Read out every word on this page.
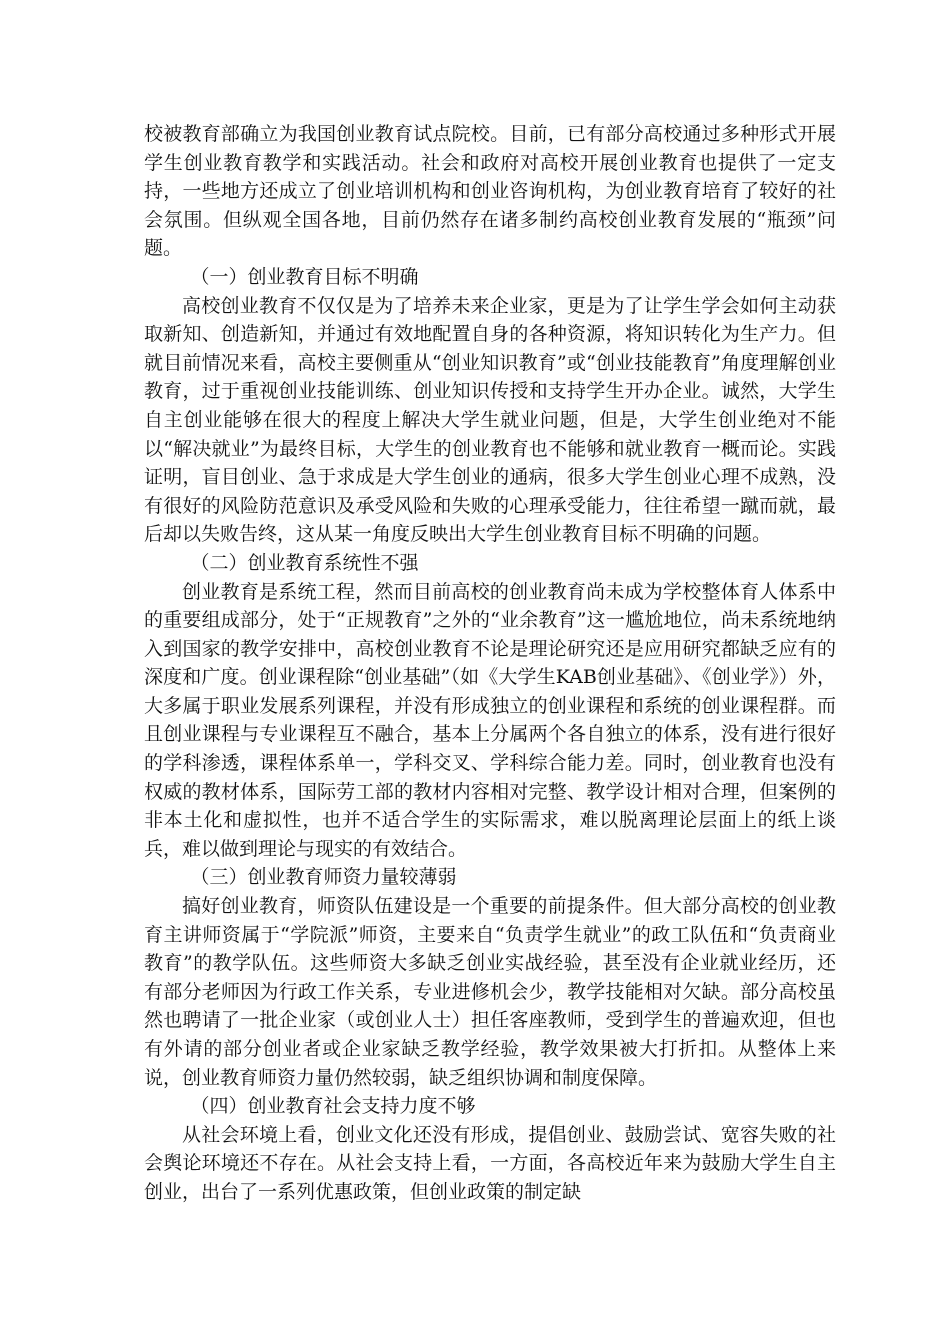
校被教育部确立为我国创业教育试点院校。目前，已有部分高校通过多种形式开展学生创业教育教学和实践活动。社会和政府对高校开展创业教育也提供了一定支持，一些地方还成立了创业培训机构和创业咨询机构，为创业教育培育了较好的社会氛围。但纵观全国各地，目前仍然存在诸多制约高校创业教育发展的“瓶颈”问题。

（一）创业教育目标不明确

高校创业教育不仅仅是为了培养未来企业家，更是为了让学生学会如何主动获取新知、创造新知，并通过有效地配置自身的各种资源，将知识转化为生产力。但就目前情况来看，高校主要侧重从“创业知识教育”或“创业技能教育”角度理解创业教育，过于重视创业技能训练、创业知识传授和支持学生开办企业。诚然，大学生自主创业能够在很大的程度上解决大学生就业问题，但是，大学生创业绝对不能以“解决就业”为最终目标，大学生的创业教育也不能够和就业教育一概而论。实践证明，盲目创业、急于求成是大学生创业的通病，很多大学生创业心理不成熟，没有很好的风险防范意识及承受风险和失败的心理承受能力，往往希望一蹴而就，最后却以失败告终，这从某一角度反映出大学生创业教育目标不明确的问题。

（二）创业教育系统性不强

创业教育是系统工程，然而目前高校的创业教育尚未成为学校整体育人体系中的重要组成部分，处于“正规教育”之外的“业余教育”这一尴尬地位，尚未系统地纳入到国家的教学安排中，高校创业教育不论是理论研究还是应用研究都缺乏应有的深度和广度。创业课程除“创业基础”（如《大学生KAB创业基础》、《创业学》）外，大多属于职业发展系列课程，并没有形成独立的创业课程和系统的创业课程群。而且创业课程与专业课程互不融合，基本上分属两个各自独立的体系，没有进行很好的学科渗透，课程体系单一，学科交叉、学科综合能力差。同时，创业教育也没有权威的教材体系，国际劳工部的教材内容相对完整、教学设计相对合理，但案例的非本土化和虚拟性，也并不适合学生的实际需求，难以脱离理论层面上的纸上谈兵，难以做到理论与现实的有效结合。

（三）创业教育师资力量较薄弱

搞好创业教育，师资队伍建设是一个重要的前提条件。但大部分高校的创业教育主讲师资属于“学院派”师资，主要来自“负责学生就业”的政工队伍和“负责商业教育”的教学队伍。这些师资大多缺乏创业实战经验，甚至没有企业就业经历，还有部分老师因为行政工作关系，专业进修机会少，教学技能相对欠缺。部分高校虽然也聘请了一批企业家（或创业人士）担任客座教师，受到学生的普遍欢迎，但也有外请的部分创业者或企业家缺乏教学经验，教学效果被大打折扣。从整体上来说，创业教育师资力量仍然较弱，缺乏组织协调和制度保障。

（四）创业教育社会支持力度不够

从社会环境上看，创业文化还没有形成，提倡创业、鼓励尝试、宽容失败的社会舆论环境还不存在。从社会支持上看，一方面，各高校近年来为鼓励大学生自主创业，出台了一系列优惠政策，但创业政策的制定缺
